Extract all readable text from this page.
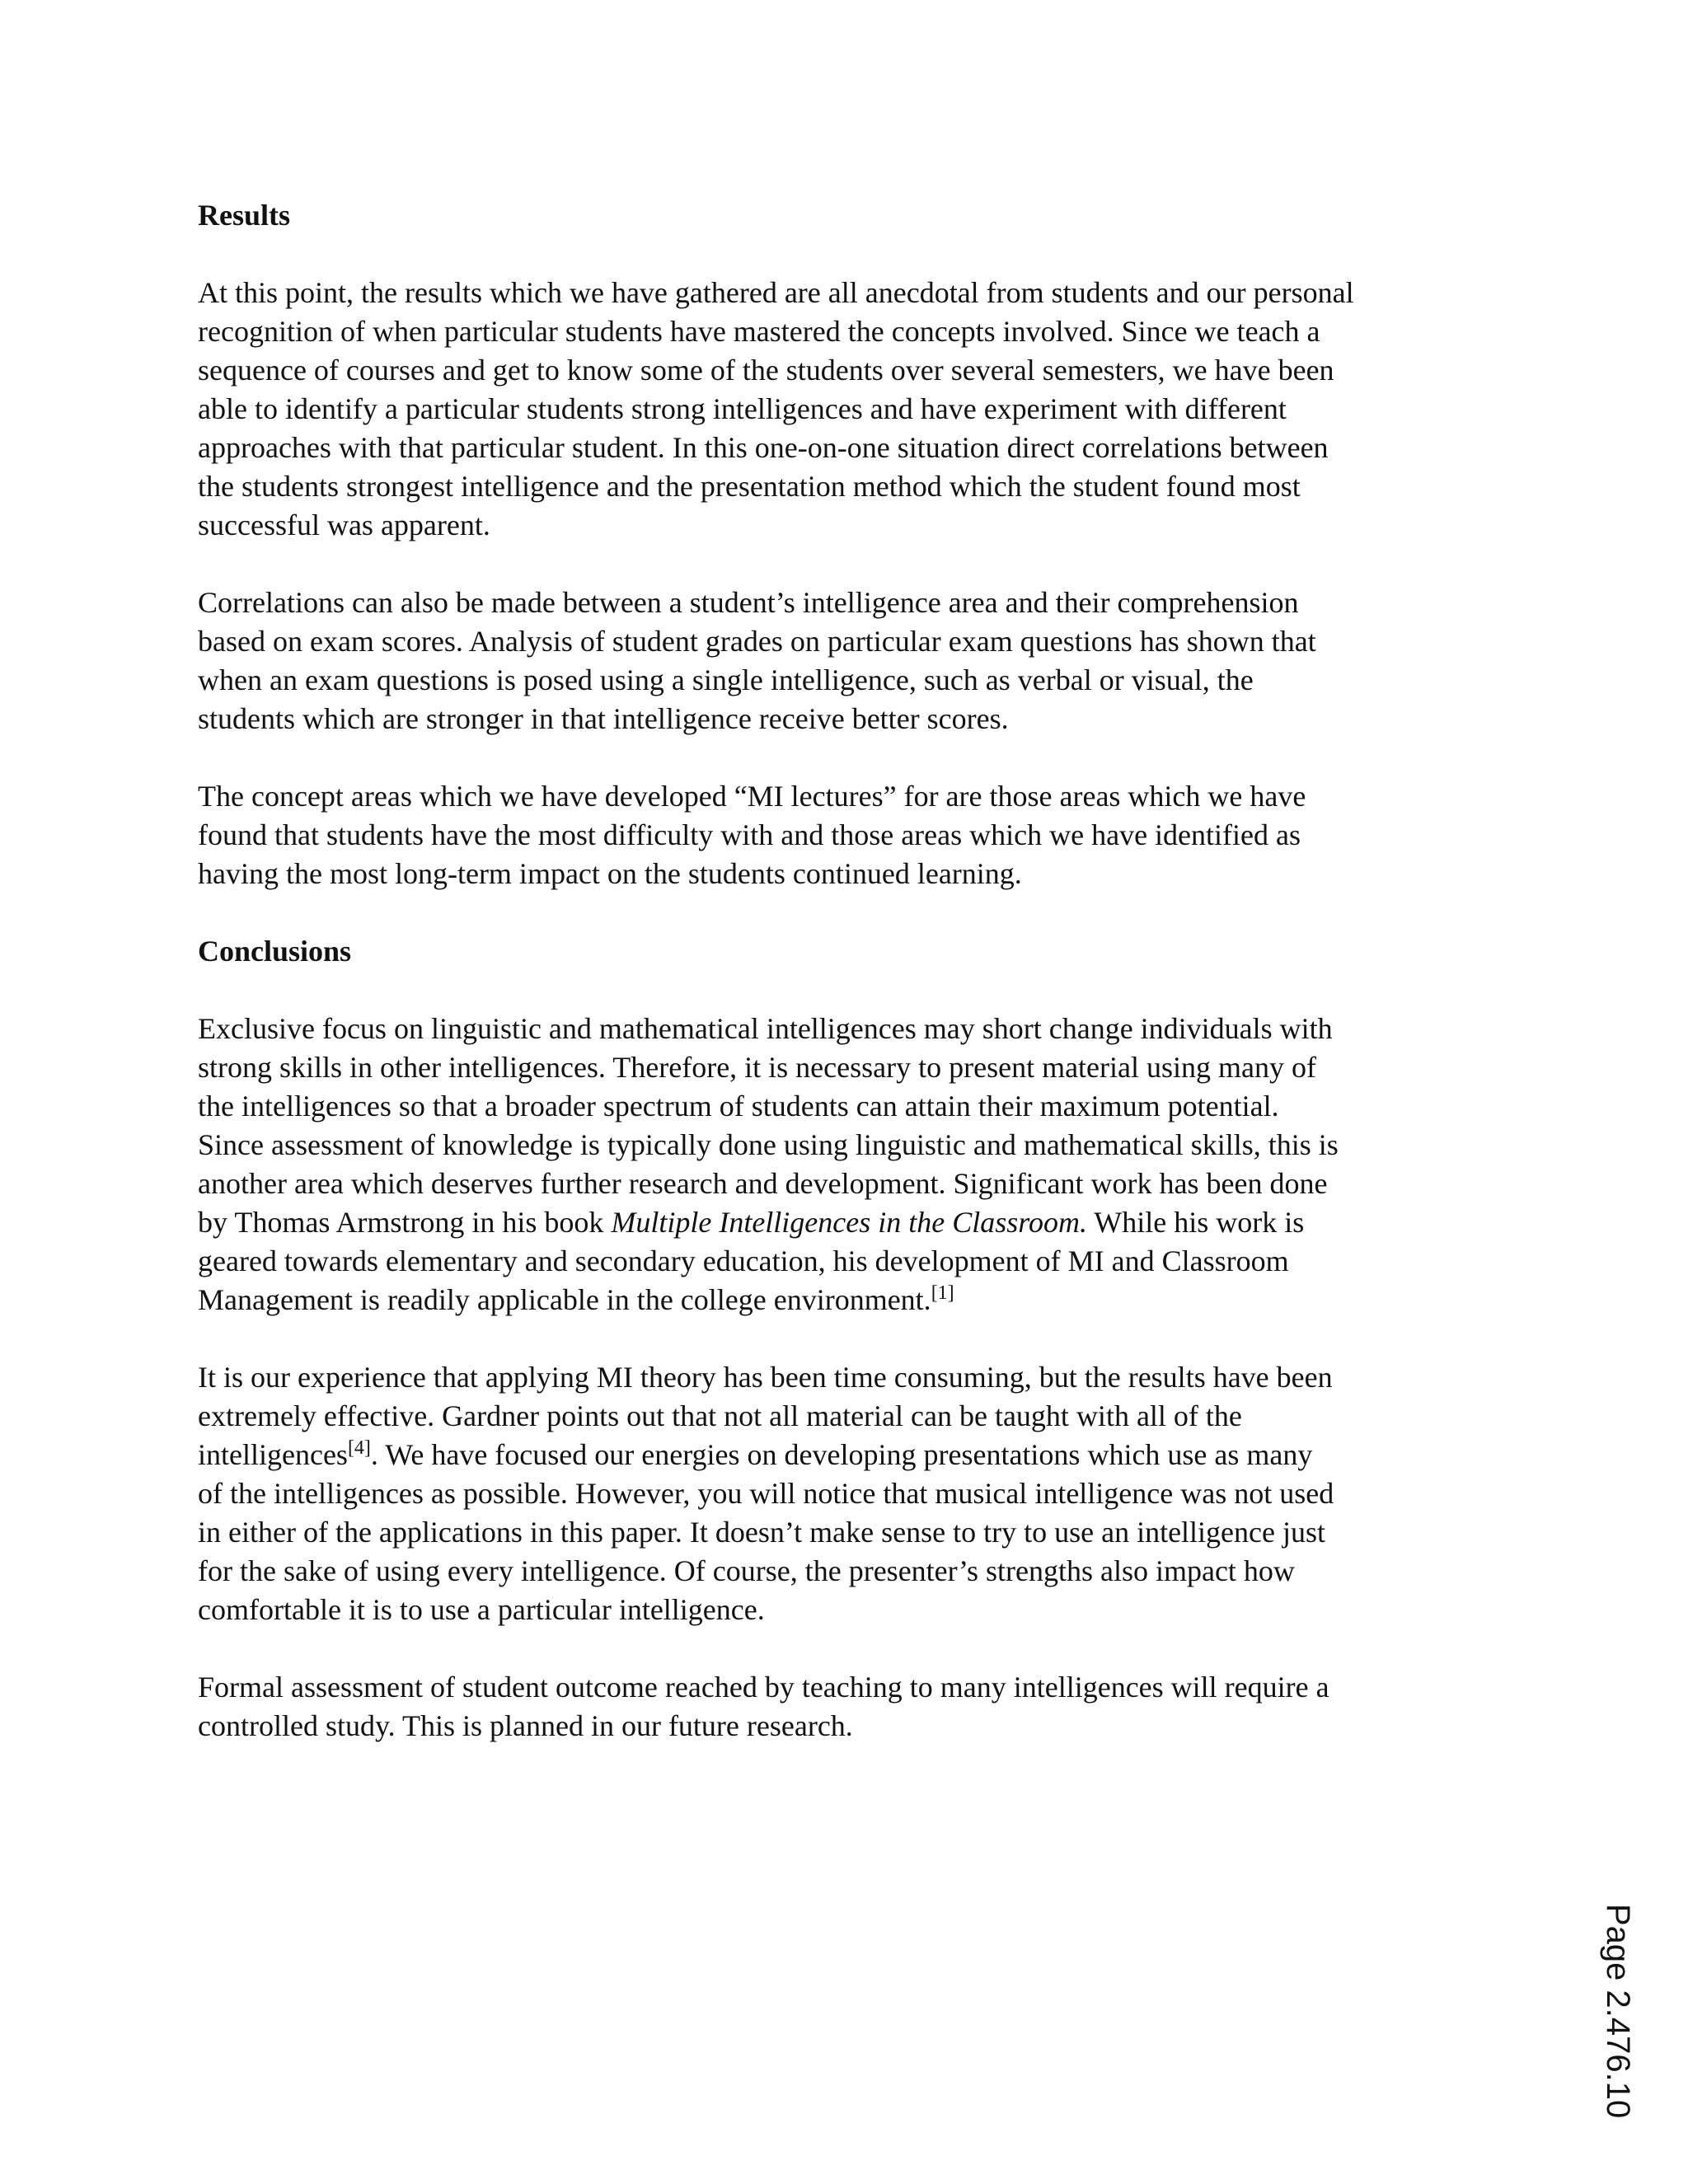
Results
At this point, the results which we have gathered are all anecdotal from students and our personal
recognition of when particular students have mastered the concepts involved. Since we teach a
sequence of courses and get to know some of the students over several semesters, we have been
able to identify a particular students strong intelligences and have experiment with different
approaches with that particular student. In this one-on-one situation direct correlations between
the students strongest intelligence and the presentation method which the student found most
successful was apparent.
Correlations can also be made between a student’s intelligence area and their comprehension
based on exam scores. Analysis of student grades on particular exam questions has shown that
when an exam questions is posed using a single intelligence, such as verbal or visual, the
students which are stronger in that intelligence receive better scores.
The concept areas which we have developed “MI lectures” for are those areas which we have
found that students have the most difficulty with and those areas which we have identified as
having the most long-term impact on the students continued learning.
Conclusions
Exclusive focus on linguistic and mathematical intelligences may short change individuals with
strong skills in other intelligences. Therefore, it is necessary to present material using many of
the intelligences so that a broader spectrum of students can attain their maximum potential.
Since assessment of knowledge is typically done using linguistic and mathematical skills, this is
another area which deserves further research and development. Significant work has been done
by Thomas Armstrong in his book Multiple Intelligences in the Classroom. While his work is
geared towards elementary and secondary education, his development of MI and Classroom
Management is readily applicable in the college environment.[1]
It is our experience that applying MI theory has been time consuming, but the results have been
extremely effective. Gardner points out that not all material can be taught with all of the
intelligences[4]. We have focused our energies on developing presentations which use as many
of the intelligences as possible. However, you will notice that musical intelligence was not used
in either of the applications in this paper. It doesn’t make sense to try to use an intelligence just
for the sake of using every intelligence. Of course, the presenter’s strengths also impact how
comfortable it is to use a particular intelligence.
Formal assessment of student outcome reached by teaching to many intelligences will require a
controlled study. This is planned in our future research.
Page 2.476.10
